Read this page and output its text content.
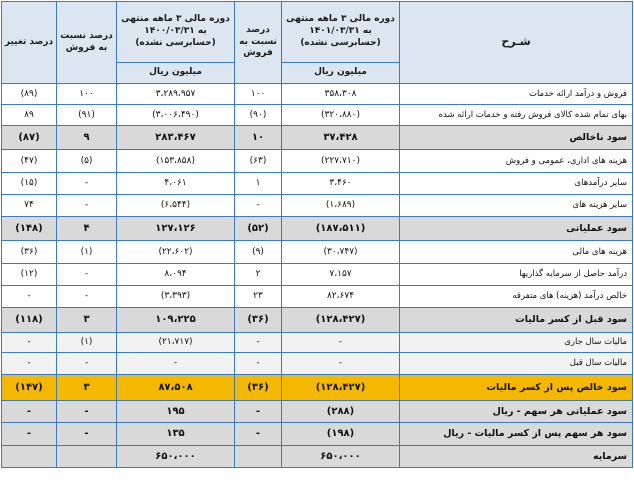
شـرح	دوره مالی ۳ ماهه منتهی به ۱۴۰۱/۰۳/۳۱ (حسابرسی نشده)	درصد نسبت به فروش	دوره مالی ۳ ماهه منتهی به ۱۴۰۰/۰۳/۳۱ (حسابرسی نشده)	درصد نسبت به فروش	درصد تغییر
	میلیون ریال		میلیون ریال		
فروش و درآمد ارائه خدمات	۳۵۸،۳۰۸	۱۰۰	۳،۲۸۹،۹۵۷	۱۰۰	(۸۹)
بهای تمام شده کالای فروش رفته و خدمات ارائه شده	(۳۲۰،۸۸۰)	(۹۰)	(۳،۰۰۶،۴۹۰)	(۹۱)	۸۹
سود ناخالص	۳۷،۴۲۸	۱۰	۲۸۳،۴۶۷	۹	(۸۷)
هزینه های اداری، عمومی و فروش	(۲۲۷،۷۱۰)	(۶۳)	(۱۵۳،۸۵۸)	(۵)	(۴۷)
سایر درآمدهای	۳،۴۶۰	۱	۴،۰۶۱	-	(۱۵)
سایر هزینه های	(۱،۶۸۹)	-	(۶،۵۴۴)	-	۷۴
سود عملیاتی	(۱۸۷،۵۱۱)	(۵۲)	۱۲۷،۱۲۶	۴	(۱۴۸)
هزینه های مالی	(۳۰،۷۴۷)	(۹)	(۲۲،۶۰۲)	(۱)	(۳۶)
درآمد حاصل از سرمایه گذاریها	۷،۱۵۷	۲	۸،۰۹۴	-	(۱۲)
خالص درآمد (هزینه) های متفرقه	۸۲،۶۷۴	۲۳	(۳،۳۹۳)	-	-
سود قبل از کسر مالیات	(۱۲۸،۴۲۷)	(۳۶)	۱۰۹،۲۲۵	۳	(۱۱۸)
مالیات سال جاری	-	-	(۲۱،۷۱۷)	(۱)	-
مالیات سال قبل	-	-	-	-	-
سود خالص پس از کسر مالیات	(۱۲۸،۴۲۷)	(۳۶)	۸۷،۵۰۸	۳	(۱۴۷)
سود عملیاتی هر سهم - ریال	(۲۸۸)	-	۱۹۵	-	-
سود هر سهم پس از کسر مالیات - ریال	(۱۹۸)	-	۱۳۵	-	-
سرمایه	۶۵۰،۰۰۰		۶۵۰،۰۰۰		
